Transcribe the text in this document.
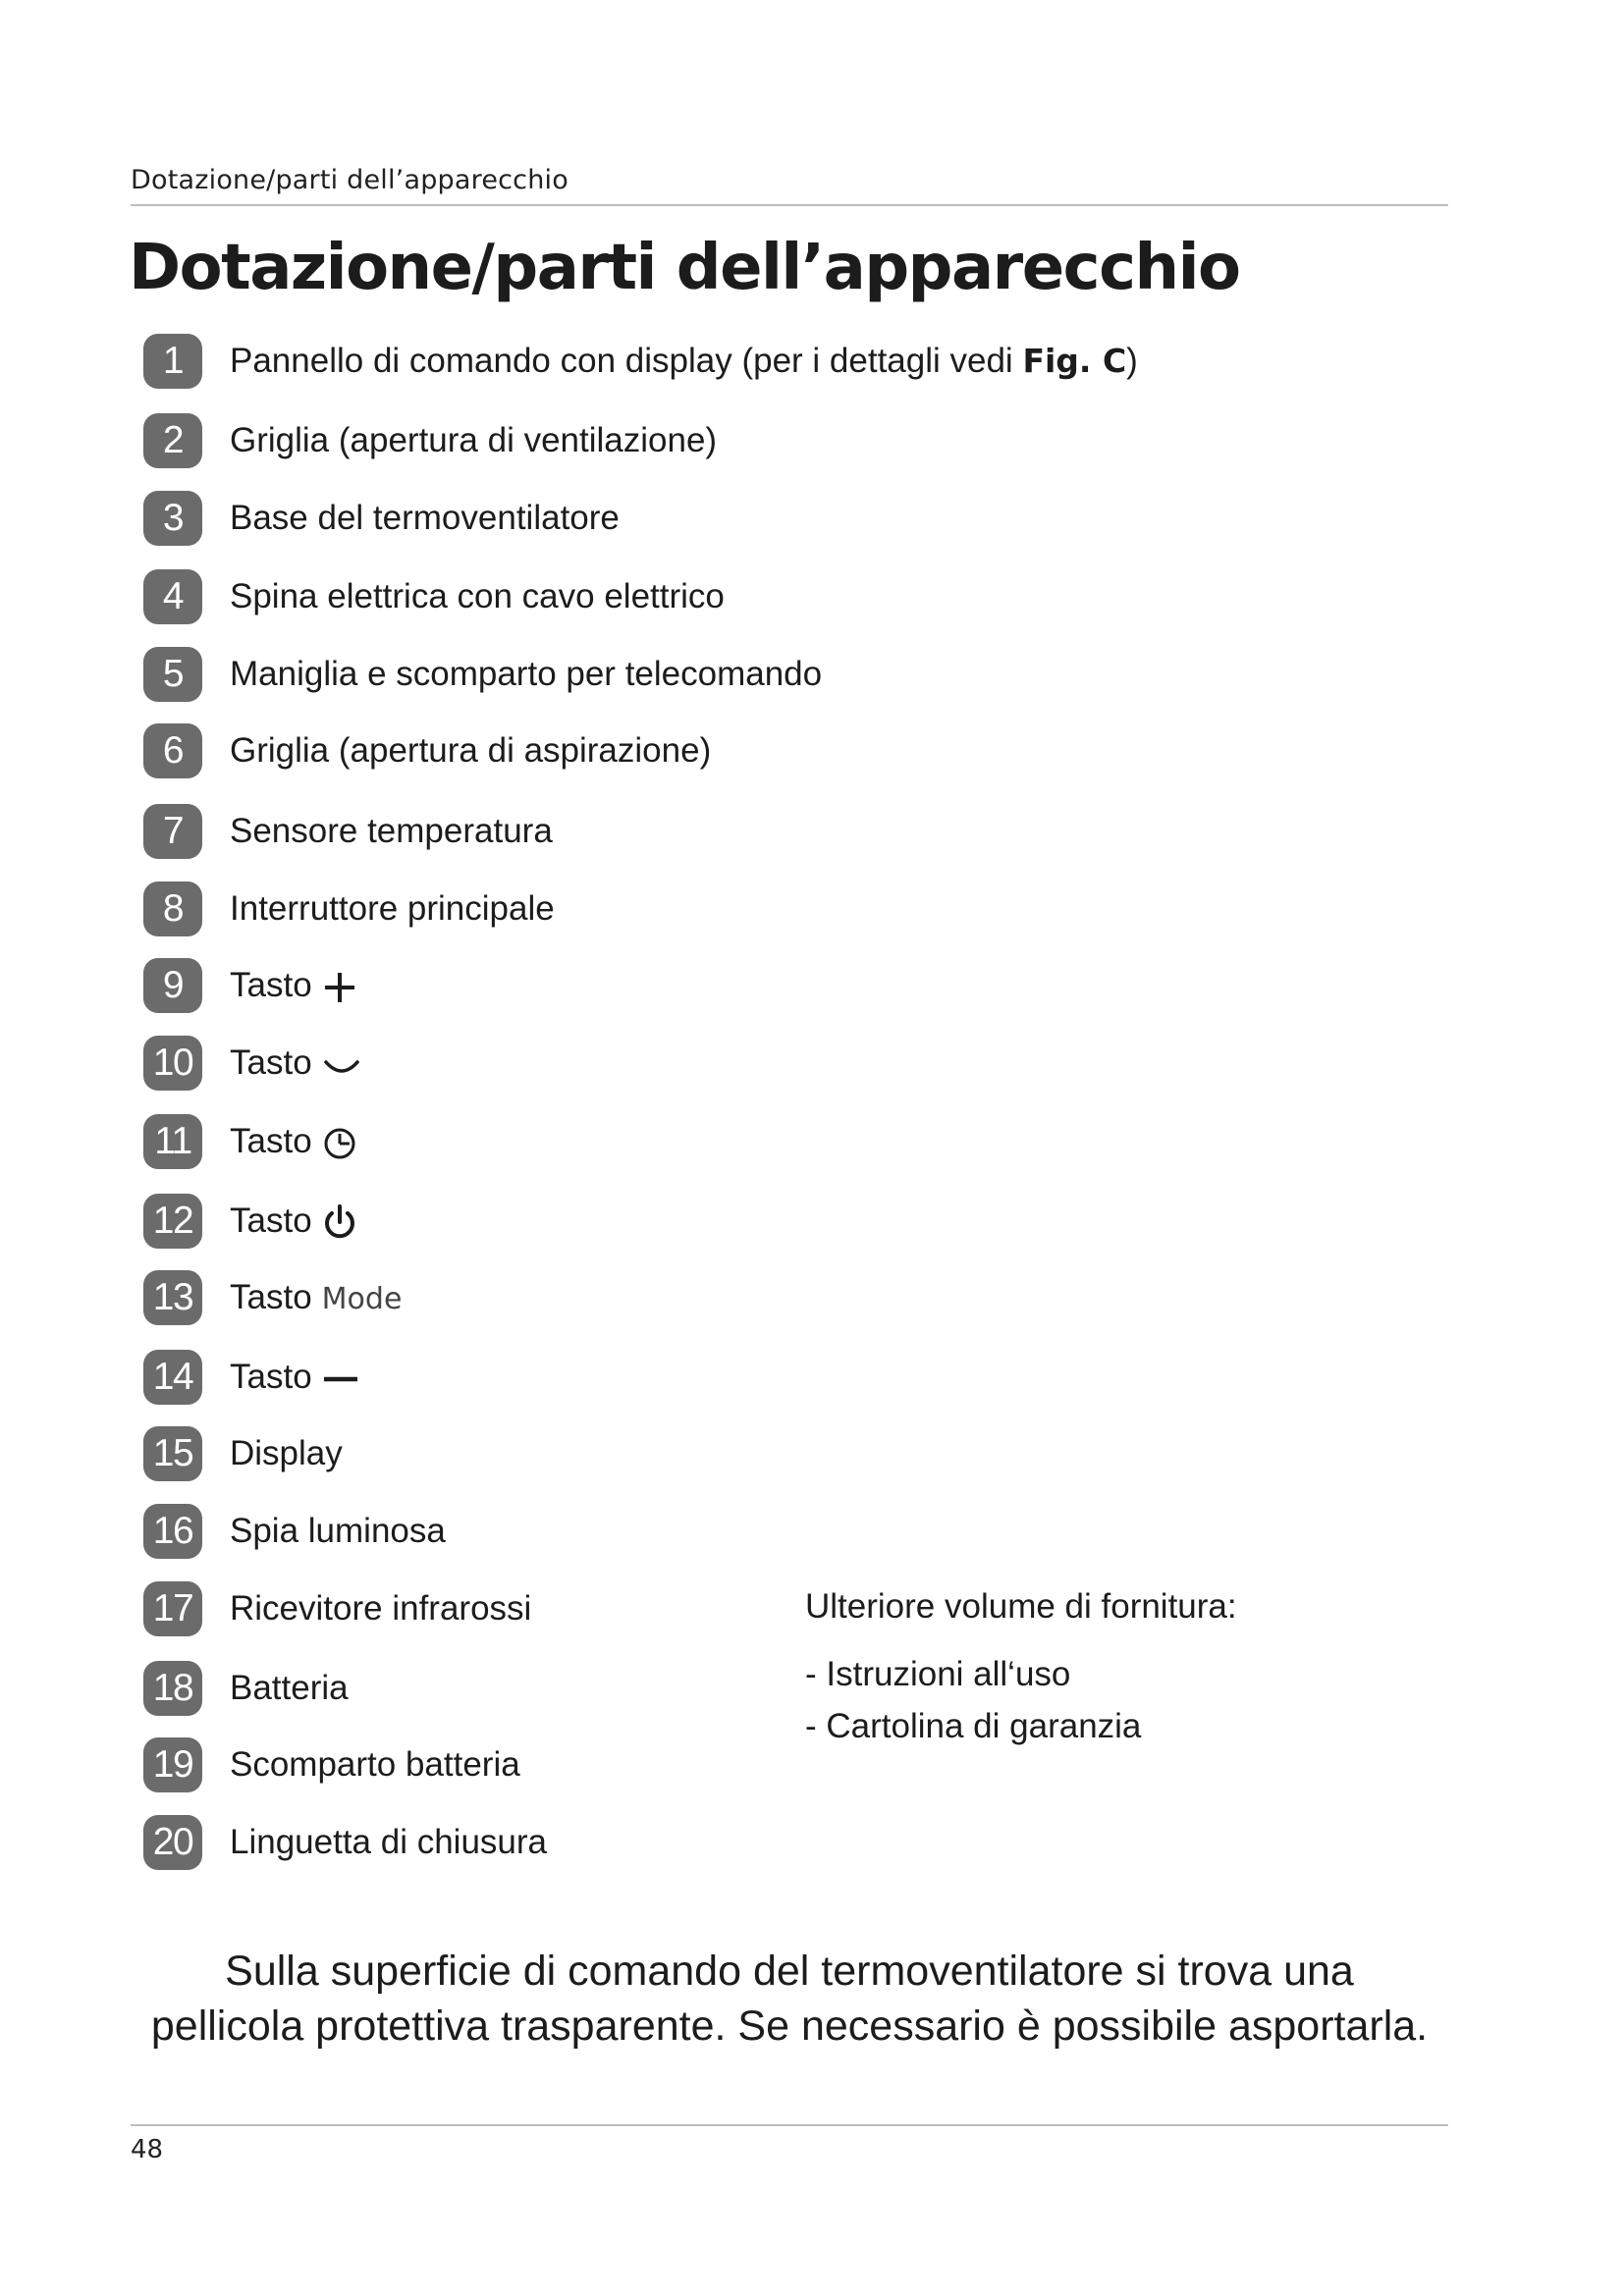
Dotazione/parti dell’apparecchio
Dotazione/parti dell’apparecchio
1	Pannello di comando con display (per i dettagli vedi Fig. C)
2	Griglia (apertura di ventilazione)
3	Base del termoventilatore
4	Spina elettrica con cavo elettrico
5	Maniglia e scomparto per telecomando
6	Griglia (apertura di aspirazione)
7	Sensore temperatura
8	Interruttore principale
9	Tasto
10 Tasto
11	Tasto
12 Tasto
13 Tasto Mode
14 Tasto
15 Display
16 Spia luminosa
17 Ricevitore infrarossi
18 Batteria
19 Scomparto batteria
20 Linguetta di chiusura
Ulteriore volume di fornitura:
- Istruzioni all‘uso
- Cartolina di garanzia
Sulla superficie di comando del termoventilatore si trova una
pellicola protettiva trasparente. Se necessario è possibile asportarla.
48
